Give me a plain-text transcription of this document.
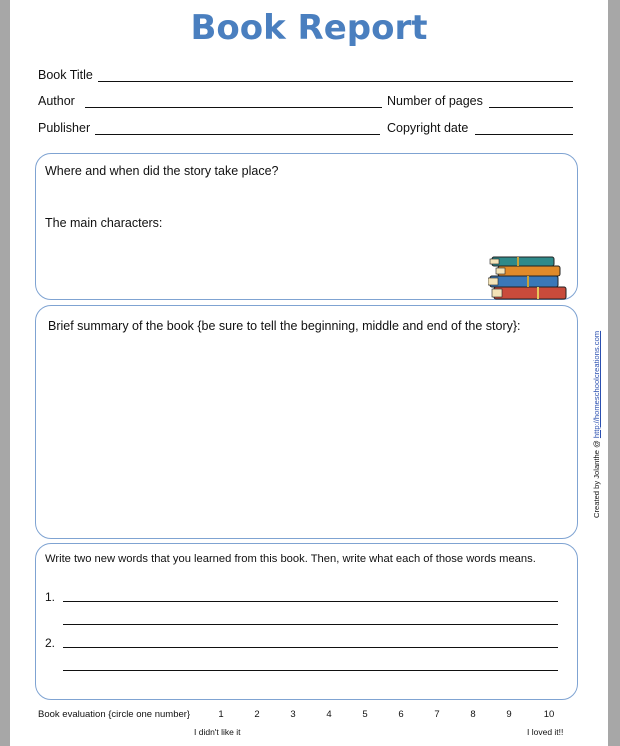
Book Report
Book Title
Author	Number of pages
Publisher	Copyright date
Where and when did the story take place?
The main characters:
Brief summary of the book {be sure to tell the beginning, middle and end of the story}:
Created by Jolanthe @ http://homeschoolcreations.com
Write two new words that you learned from this book. Then, write what each of those words means.
1.
2.
Book evaluation {circle one number}	1	2	3	4	5	6	7	8	9	10
I didn't like it	I loved it!!
